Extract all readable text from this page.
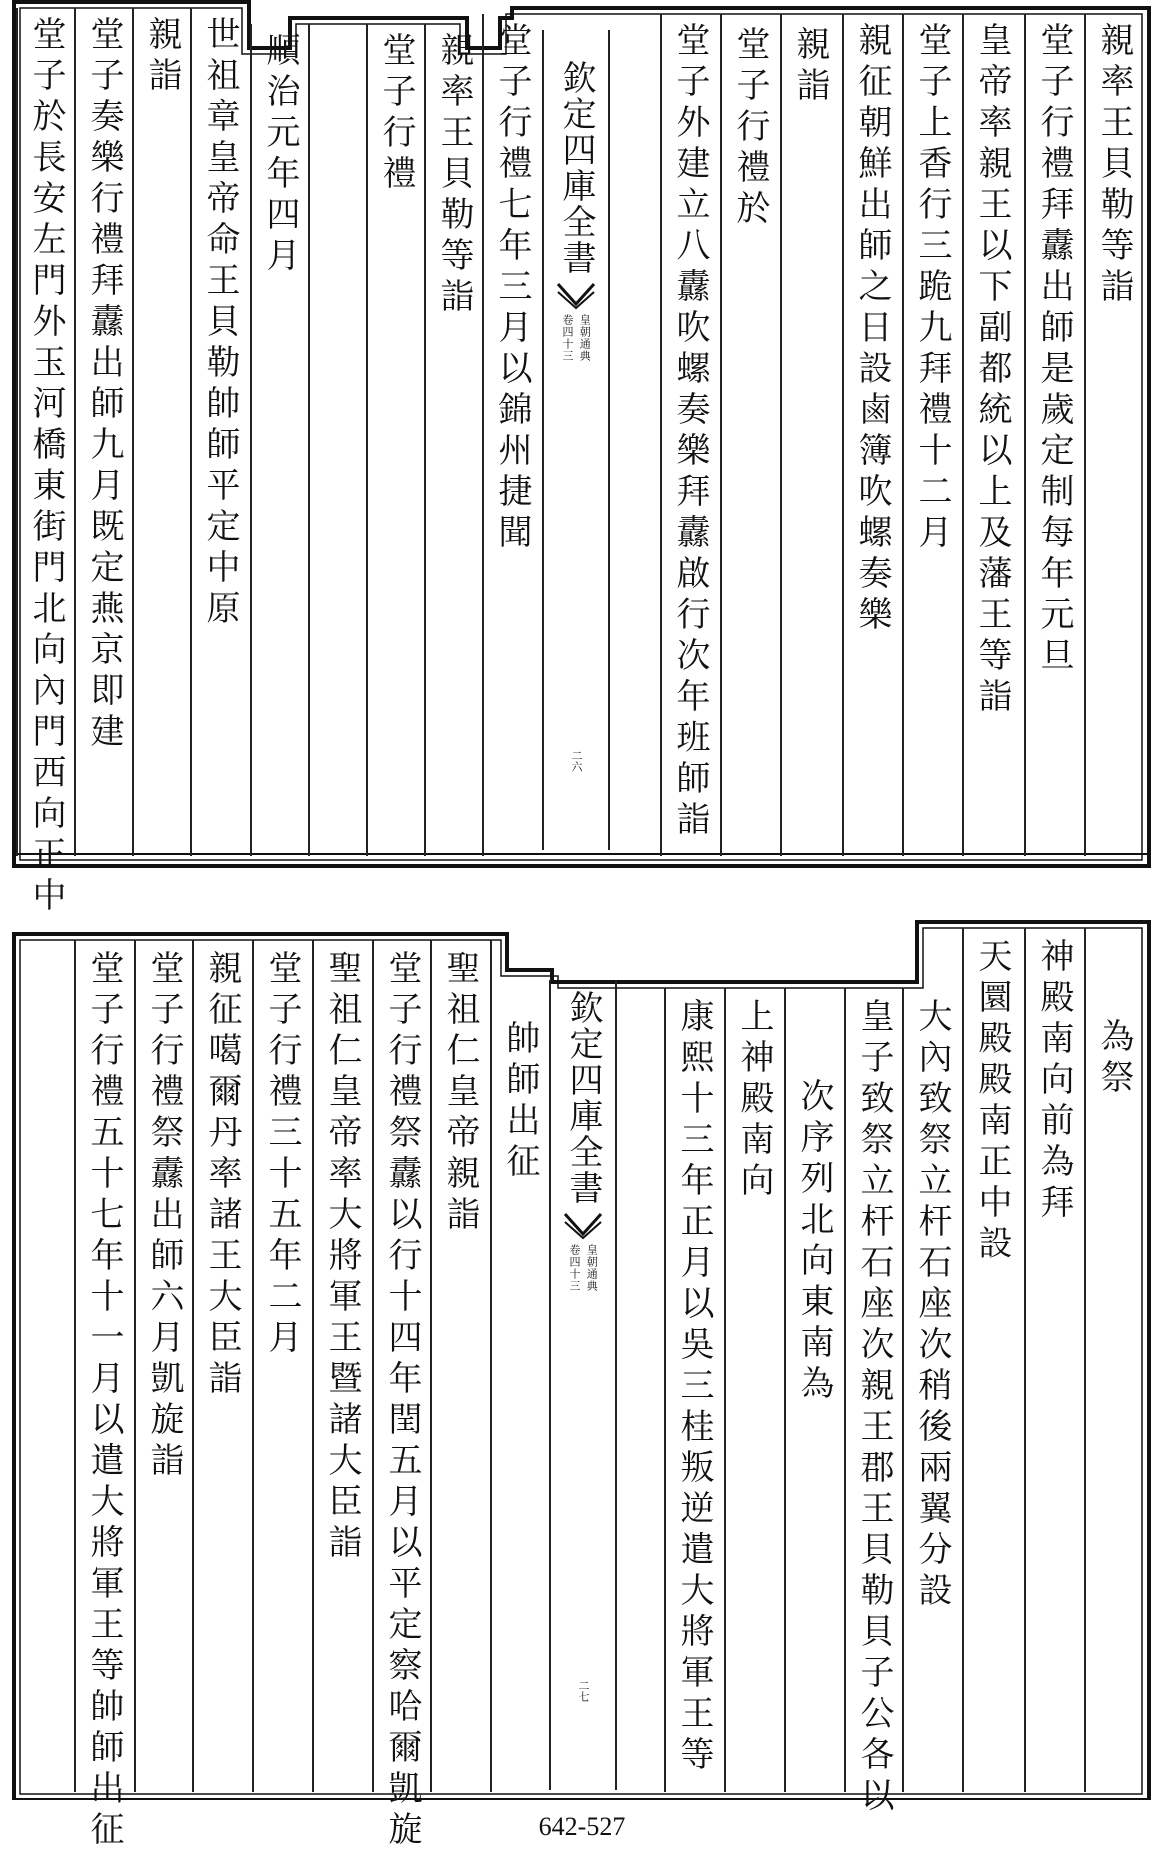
親率王貝勒等詣
堂子行禮拜纛出師是歲定制每年元旦
皇帝率親王以下副都統以上及藩王等詣
堂子上香行三跪九拜禮十二月
親征朝鮮出師之日設鹵簿吹螺奏樂
親詣
堂子行禮於
堂子外建立八纛吹螺奏樂拜纛啟行次年班師詣
堂子行禮七年三月以錦州捷聞
親率王貝勒等詣
堂子行禮
順治元年四月
世祖章皇帝命王貝勒帥師平定中原
親詣
堂子奏樂行禮拜纛出師九月既定燕京即建
堂子於長安左門外玉河橋東街門北向內門西向正中	欽定四庫全書
皇朝通典
卷四十三
二六
為祭
神殿南向前為拜
天圜殿殿南正中設
大內致祭立杆石座次稍後兩翼分設
皇子致祭立杆石座次親王郡王貝勒貝子公各以
次序列北向東南為
上神殿南向
康熙十三年正月以吳三桂叛逆遣大將軍王等
帥師出征
聖祖仁皇帝親詣
堂子行禮祭纛以行十四年閏五月以平定察哈爾凱旋
聖祖仁皇帝率大將軍王暨諸大臣詣
堂子行禮三十五年二月
親征噶爾丹率諸王大臣詣
堂子行禮祭纛出師六月凱旋詣
堂子行禮五十七年十一月以遣大將軍王等帥師出征	欽定四庫全書
皇朝通典
卷四十三
二七
642-527
